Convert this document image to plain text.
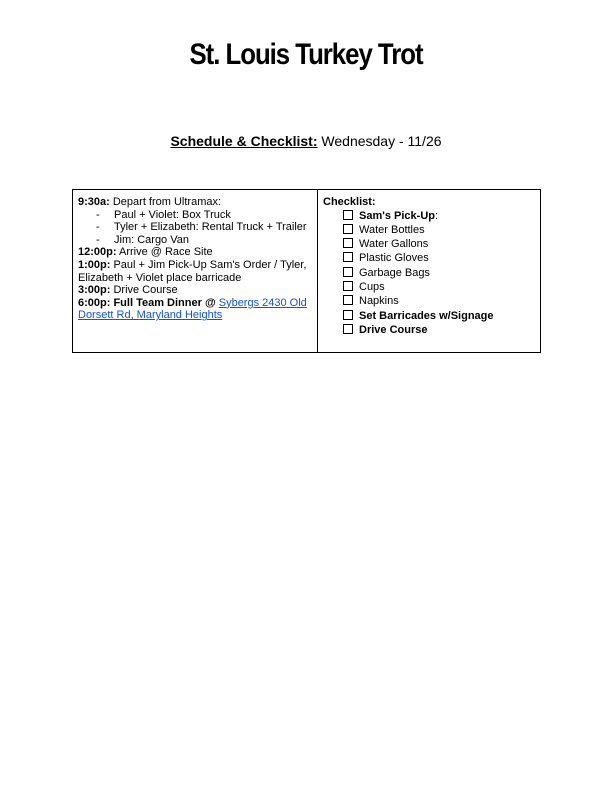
St. Louis Turkey Trot
Schedule & Checklist: Wednesday - 11/26
9:30a: Depart from Ultramax:
- Paul + Violet: Box Truck
- Tyler + Elizabeth: Rental Truck + Trailer
- Jim: Cargo Van
12:00p: Arrive @ Race Site
1:00p: Paul + Jim Pick-Up Sam's Order / Tyler, Elizabeth + Violet place barricade
3:00p: Drive Course
6:00p: Full Team Dinner @ Sybergs 2430 Old Dorsett Rd, Maryland Heights

Checklist:
Sam's Pick-Up:
Water Bottles
Water Gallons
Plastic Gloves
Garbage Bags
Cups
Napkins
Set Barricades w/Signage
Drive Course
